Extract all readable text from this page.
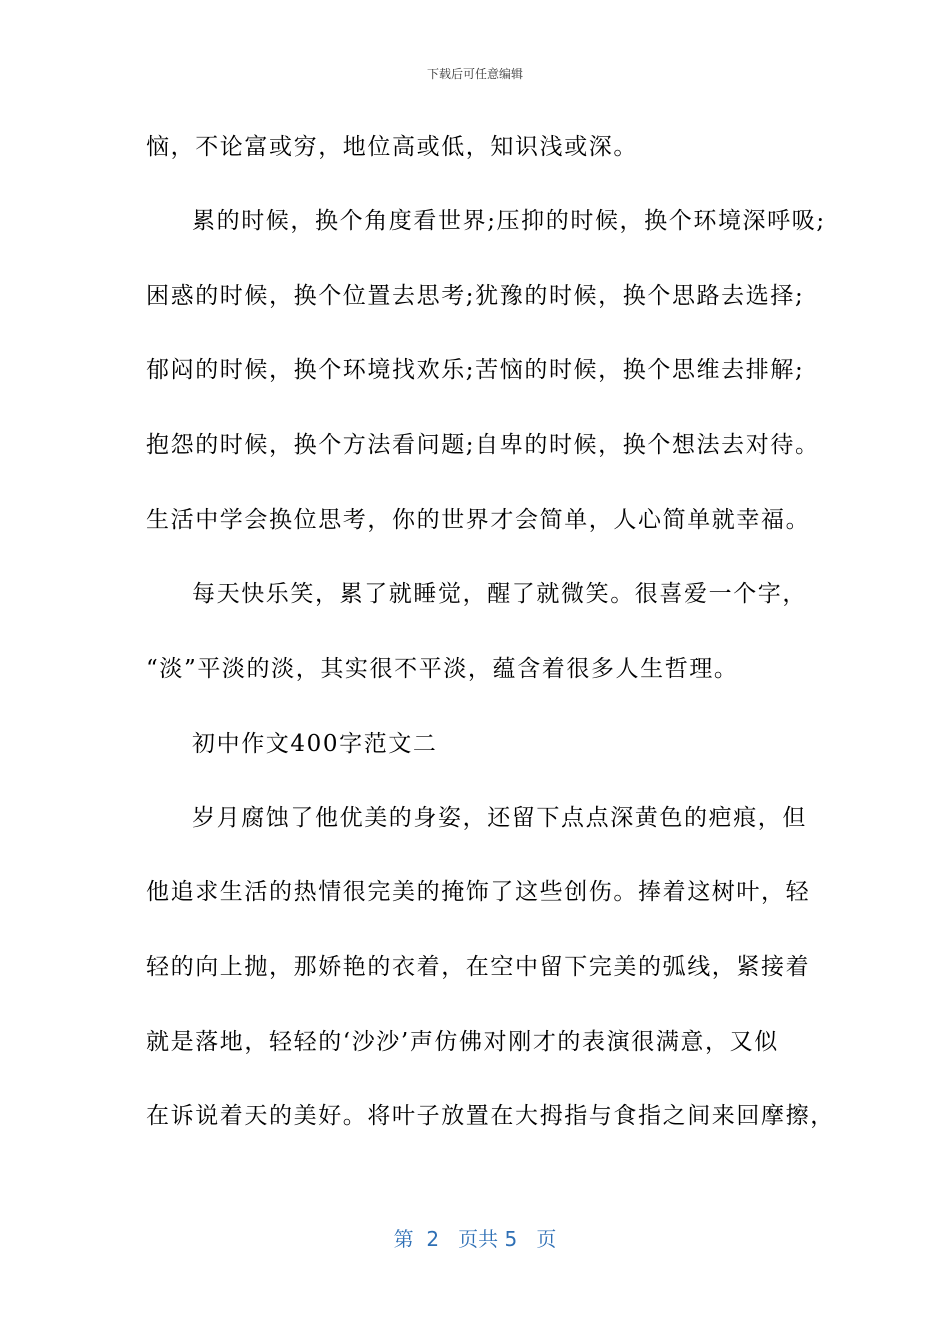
下载后可任意编辑
恼，不论富或穷，地位高或低，知识浅或深。
累的时候，换个角度看世界;压抑的时候，换个环境深呼吸;
困惑的时候，换个位置去思考;犹豫的时候，换个思路去选择;
郁闷的时候，换个环境找欢乐;苦恼的时候，换个思维去排解;
抱怨的时候，换个方法看问题;自卑的时候，换个想法去对待。
生活中学会换位思考，你的世界才会简单，人心简单就幸福。
每天快乐笑，累了就睡觉，醒了就微笑。很喜爱一个字，
“淡”平淡的淡，其实很不平淡，蕴含着很多人生哲理。
初中作文400字范文二
岁月腐蚀了他优美的身姿，还留下点点深黄色的疤痕，但
他追求生活的热情很完美的掩饰了这些创伤。捧着这树叶，轻
轻的向上抛，那娇艳的衣着，在空中留下完美的弧线，紧接着
就是落地，轻轻的‘沙沙’声仿佛对刚才的表演很满意，又似
在诉说着天的美好。将叶子放置在大拇指与食指之间来回摩擦，
第  2   页共 5   页
